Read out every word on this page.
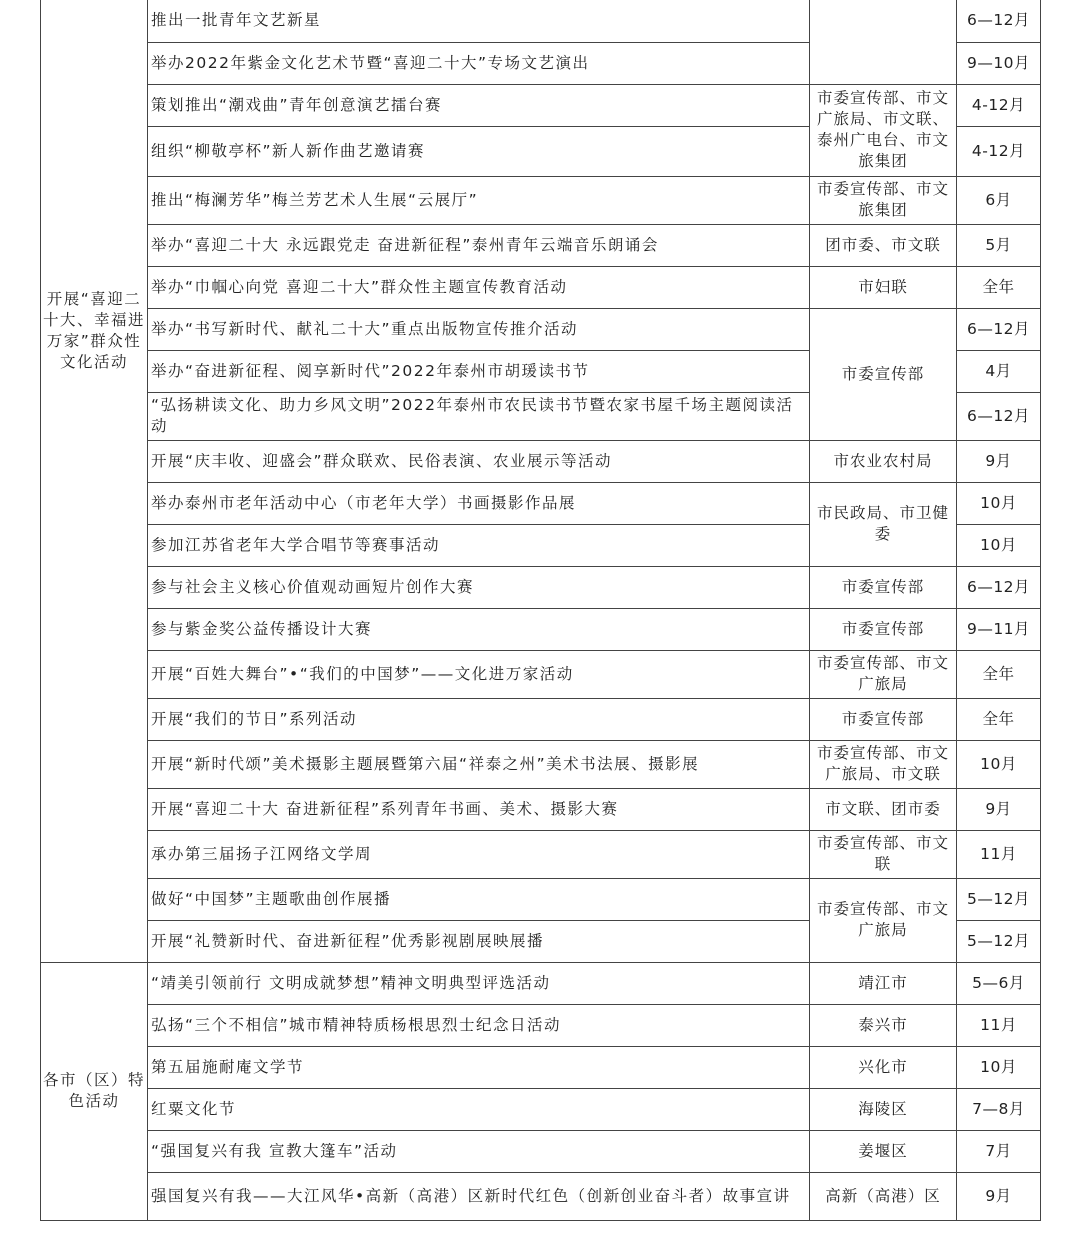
开展“喜迎二十大、幸福进万家”群众性文化活动	推出一批青年文艺新星		6—12月
	举办2022年紫金文化艺术节暨“喜迎二十大”专场文艺演出		9—10月
	策划推出“潮戏曲”青年创意演艺擂台赛	市委宣传部、市文广旅局、市文联、泰州广电台、市文旅集团	4-12月
	组织“柳敬亭杯”新人新作曲艺邀请赛		4-12月
	推出“梅澜芳华”梅兰芳艺术人生展“云展厅”	市委宣传部、市文旅集团	6月
	举办“喜迎二十大 永远跟党走 奋进新征程”泰州青年云端音乐朗诵会	团市委、市文联	5月
	举办“巾帼心向党 喜迎二十大”群众性主题宣传教育活动	市妇联	全年
	举办“书写新时代、献礼二十大”重点出版物宣传推介活动	市委宣传部	6—12月
	举办“奋进新征程、阅享新时代”2022年泰州市胡瑗读书节		4月
	“弘扬耕读文化、助力乡风文明”2022年泰州市农民读书节暨农家书屋千场主题阅读活动		6—12月
	开展“庆丰收、迎盛会”群众联欢、民俗表演、农业展示等活动	市农业农村局	9月
	举办泰州市老年活动中心（市老年大学）书画摄影作品展	市民政局、市卫健委	10月
	参加江苏省老年大学合唱节等赛事活动		10月
	参与社会主义核心价值观动画短片创作大赛	市委宣传部	6—12月
	参与紫金奖公益传播设计大赛	市委宣传部	9—11月
	开展“百姓大舞台”•“我们的中国梦”——文化进万家活动	市委宣传部、市文广旅局	全年
	开展“我们的节日”系列活动	市委宣传部	全年
	开展“新时代颂”美术摄影主题展暨第六届“祥泰之州”美术书法展、摄影展	市委宣传部、市文广旅局、市文联	10月
	开展“喜迎二十大 奋进新征程”系列青年书画、美术、摄影大赛	市文联、团市委	9月
	承办第三届扬子江网络文学周	市委宣传部、市文联	11月
	做好“中国梦”主题歌曲创作展播	市委宣传部、市文广旅局	5—12月
	开展“礼赞新时代、奋进新征程”优秀影视剧展映展播		5—12月
各市（区）特色活动	“靖美引领前行 文明成就梦想”精神文明典型评选活动	靖江市	5—6月
	弘扬“三个不相信”城市精神特质杨根思烈士纪念日活动	泰兴市	11月
	第五届施耐庵文学节	兴化市	10月
	红粟文化节	海陵区	7—8月
	“强国复兴有我 宣教大篷车”活动	姜堰区	7月
	强国复兴有我——大江风华•高新（高港）区新时代红色（创新创业奋斗者）故事宣讲	高新（高港）区	9月
